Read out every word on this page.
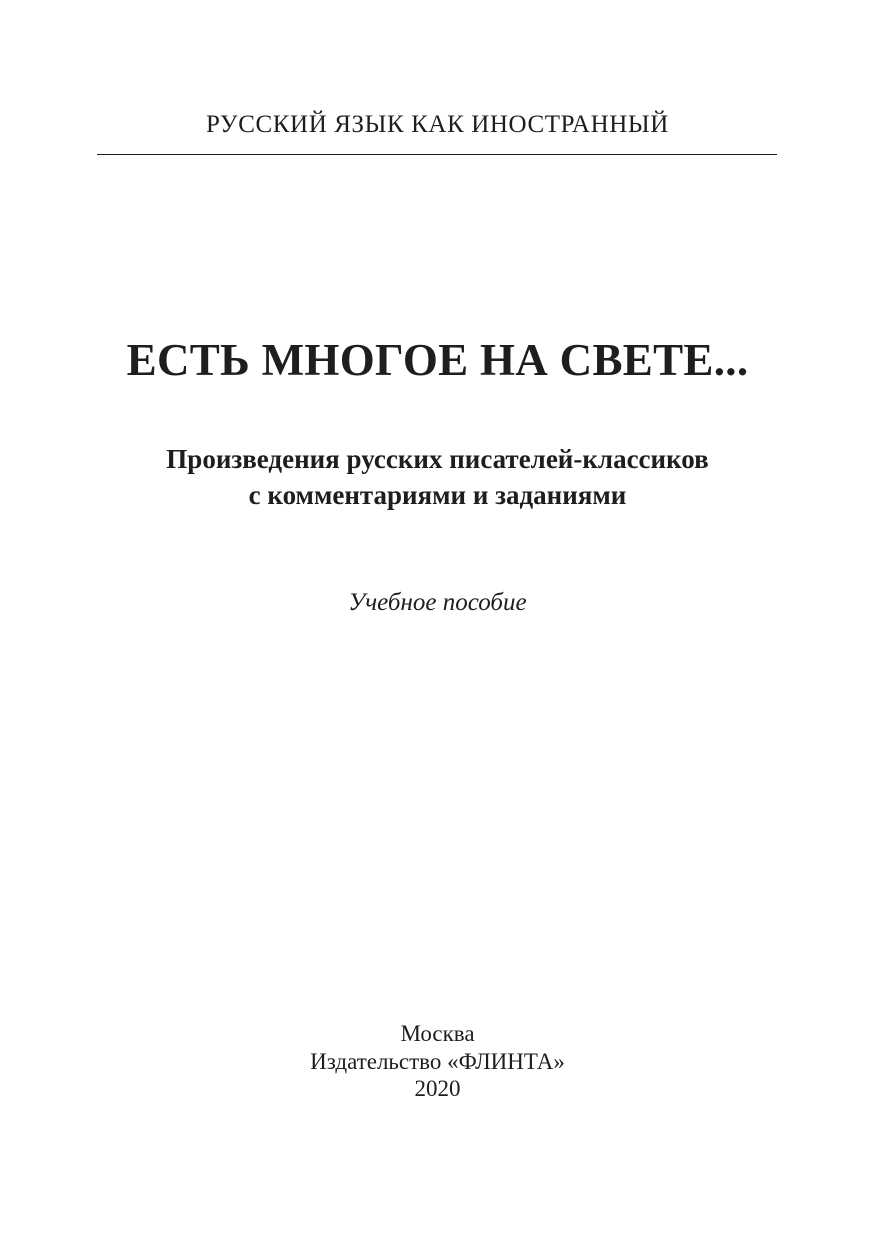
РУССКИЙ ЯЗЫК КАК ИНОСТРАННЫЙ
ЕСТЬ МНОГОЕ НА СВЕТЕ...
Произведения русских писателей-классиков
с комментариями и заданиями
Учебное пособие
Москва
Издательство «ФЛИНТА»
2020
